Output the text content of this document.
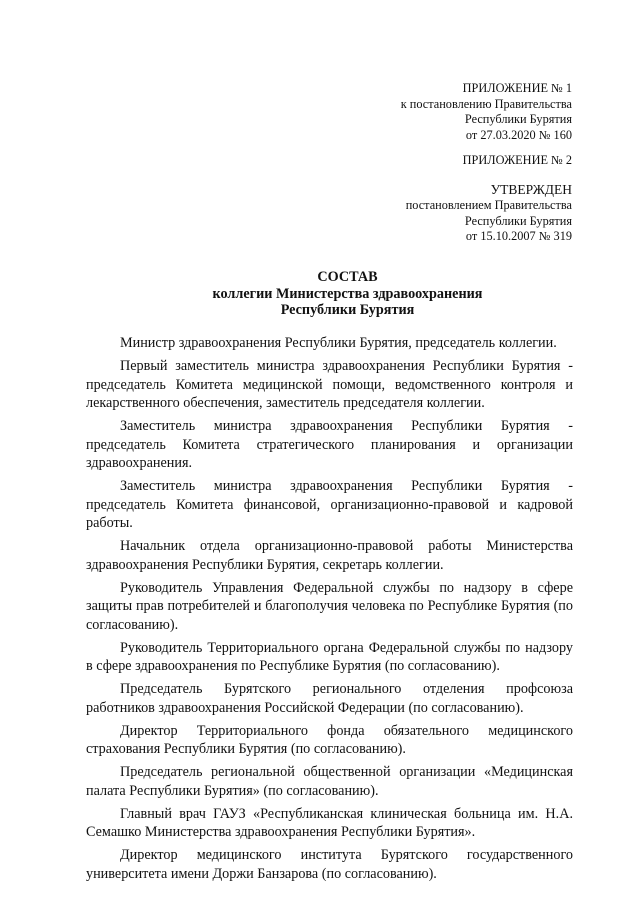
ПРИЛОЖЕНИЕ № 1
к постановлению Правительства
Республики Бурятия
от 27.03.2020 № 160
ПРИЛОЖЕНИЕ № 2
УТВЕРЖДЕН
постановлением Правительства
Республики Бурятия
от 15.10.2007 № 319
СОСТАВ
коллегии Министерства здравоохранения
Республики Бурятия

Министр здравоохранения Республики Бурятия, председатель коллегии.

Первый заместитель министра здравоохранения Республики Бурятия - председатель Комитета медицинской помощи, ведомственного контроля и лекарственного обеспечения, заместитель председателя коллегии.

Заместитель министра здравоохранения Республики Бурятия - председатель Комитета стратегического планирования и организации здравоохранения.

Заместитель министра здравоохранения Республики Бурятия - председатель Комитета финансовой, организационно-правовой и кадровой работы.

Начальник отдела организационно-правовой работы Министерства здравоохранения Республики Бурятия, секретарь коллегии.

Руководитель Управления Федеральной службы по надзору в сфере защиты прав потребителей и благополучия человека по Республике Бурятия (по согласованию).

Руководитель Территориального органа Федеральной службы по надзору в сфере здравоохранения по Республике Бурятия (по согласованию).

Председатель Бурятского регионального отделения профсоюза работников здравоохранения Российской Федерации (по согласованию).

Директор Территориального фонда обязательного медицинского страхования Республики Бурятия (по согласованию).

Председатель региональной общественной организации «Медицинская палата Республики Бурятия» (по согласованию).

Главный врач ГАУЗ «Республиканская клиническая больница им. Н.А. Семашко Министерства здравоохранения Республики Бурятия».

Директор медицинского института Бурятского государственного университета имени Доржи Банзарова (по согласованию).
